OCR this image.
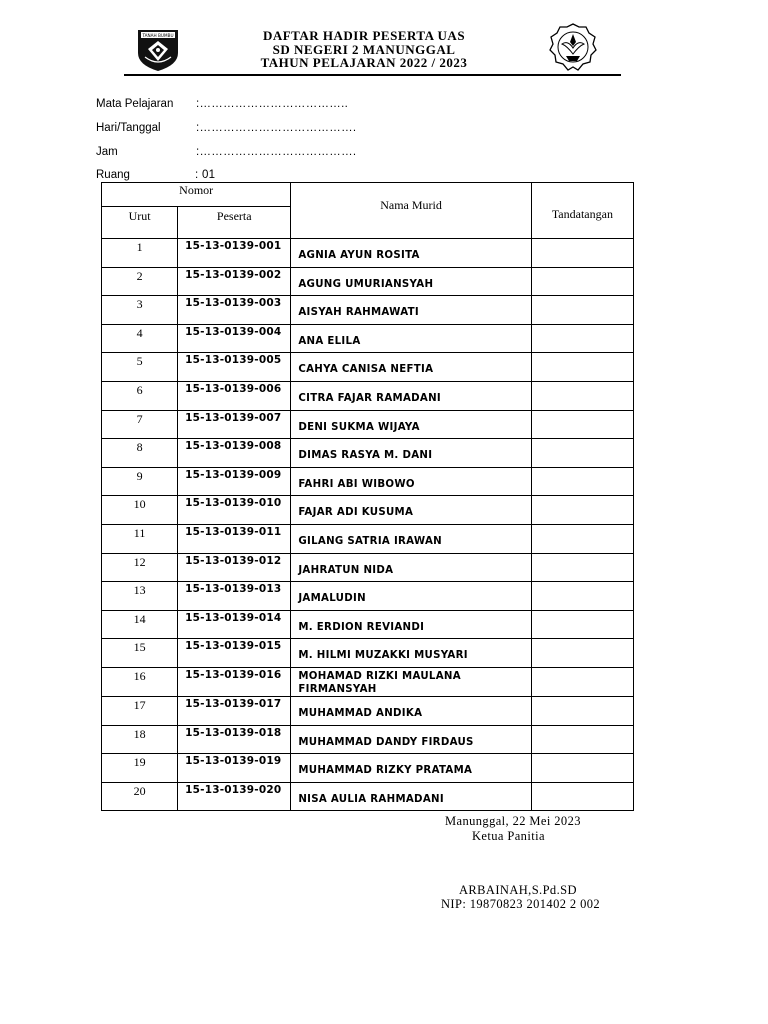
TANAH BUMBU	DAFTAR HADIR PESERTA UAS
SD NEGERI 2 MANUNGGAL
TAHUN PELAJARAN 2022 / 2023
Mata Pelajaran :………………………………..
Hari/Tanggal	:………………………………….
Jam	:………………………………….
Ruang	: 01
Nomor		Nama Murid	Tandatangan

Urut	Peserta		

1	15-13-0139-001	AGNIA AYUN ROSITA	
2	15-13-0139-002	AGUNG UMURIANSYAH	
3	15-13-0139-003	AISYAH RAHMAWATI	
4	15-13-0139-004	ANA ELILA	
5	15-13-0139-005	CAHYA CANISA NEFTIA	
6	15-13-0139-006	CITRA FAJAR RAMADANI	
7	15-13-0139-007	DENI SUKMA WIJAYA	
8	15-13-0139-008	DIMAS RASYA M. DANI	
9	15-13-0139-009	FAHRI ABI WIBOWO	
10	15-13-0139-010	FAJAR ADI KUSUMA	
11	15-13-0139-011	GILANG SATRIA IRAWAN	
12	15-13-0139-012	JAHRATUN NIDA	
13	15-13-0139-013	JAMALUDIN	
14	15-13-0139-014	M. ERDION REVIANDI	
15	15-13-0139-015	M. HILMI MUZAKKI MUSYARI	
16	15-13-0139-016	MOHAMAD RIZKI MAULANA FIRMANSYAH	
17	15-13-0139-017	MUHAMMAD ANDIKA	
18	15-13-0139-018	MUHAMMAD DANDY FIRDAUS	
19	15-13-0139-019	MUHAMMAD RIZKY PRATAMA	
20	15-13-0139-020	NISA AULIA RAHMADANI	
Manunggal, 22 Mei 2023
Ketua Panitia
ARBAINAH,S.Pd.SD
NIP: 19870823 201402 2 002
